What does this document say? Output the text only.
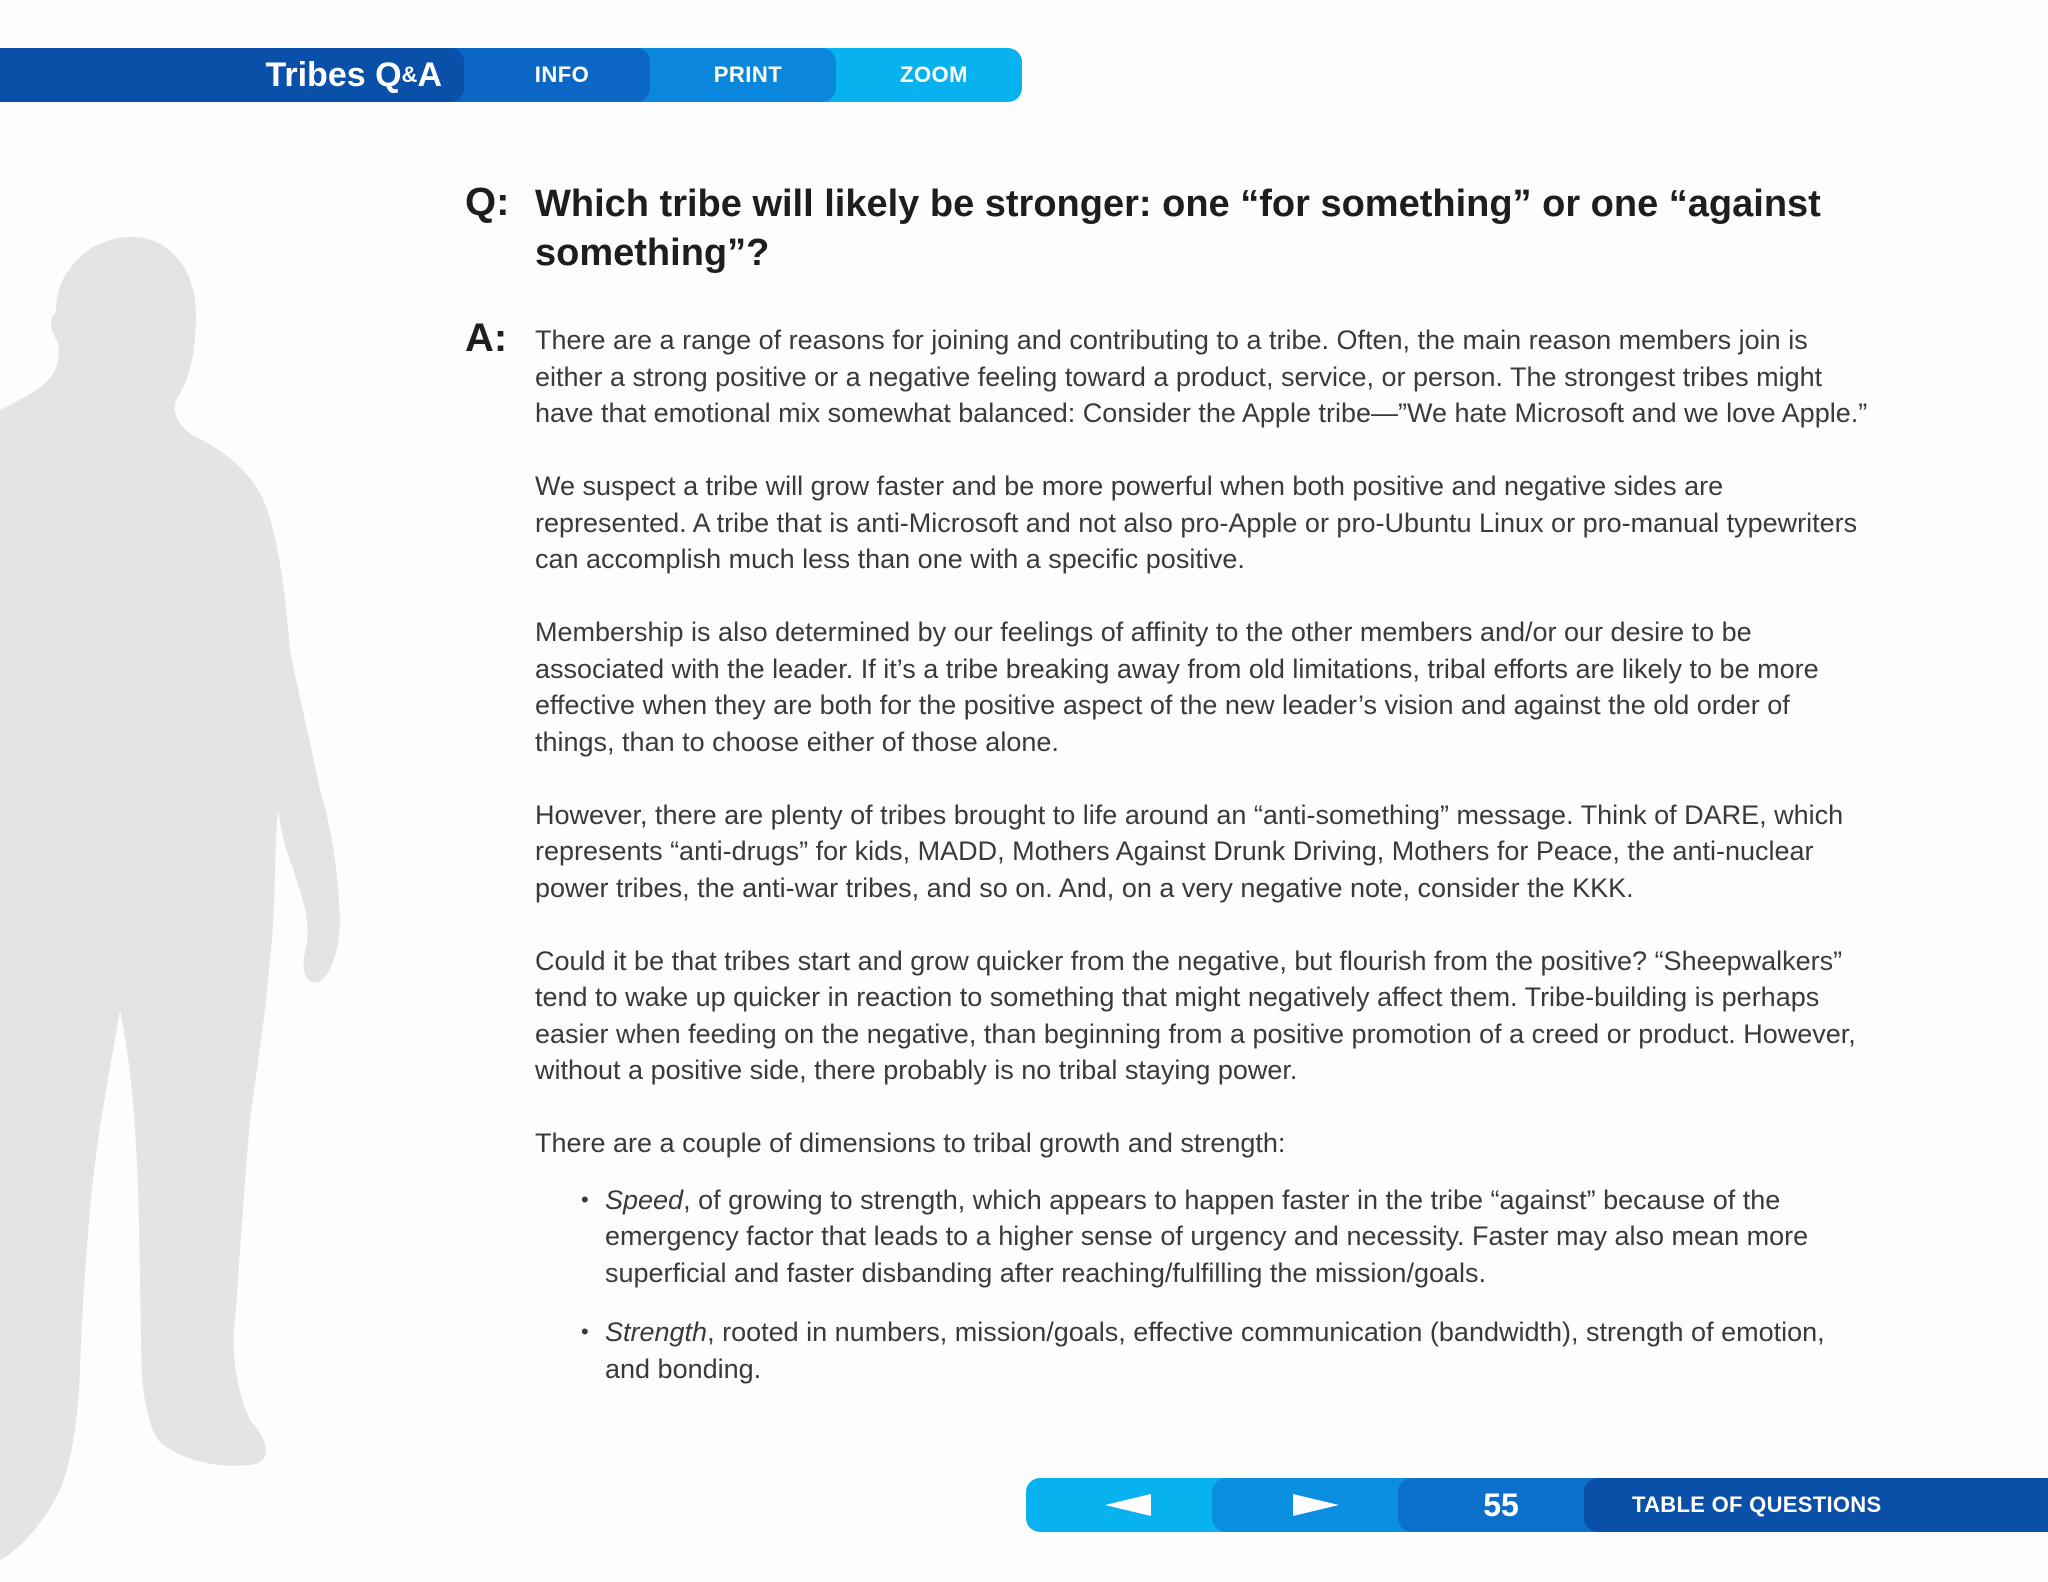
Tribes Q & A	INFO	PRINT	ZOOM
Q: Which tribe will likely be stronger: one “for something” or one “against something”?
A: There are a range of reasons for joining and contributing to a tribe. Often, the main reason members join is either a strong positive or a negative feeling toward a product, service, or person. The strongest tribes might have that emotional mix somewhat balanced: Consider the Apple tribe—”We hate Microsoft and we love Apple.”

We suspect a tribe will grow faster and be more powerful when both positive and negative sides are represented. A tribe that is anti-Microsoft and not also pro-Apple or pro-Ubuntu Linux or pro-manual typewriters can accomplish much less than one with a specific positive.

Membership is also determined by our feelings of affinity to the other members and/or our desire to be associated with the leader. If it’s a tribe breaking away from old limitations, tribal efforts are likely to be more effective when they are both for the positive aspect of the new leader’s vision and against the old order of things, than to choose either of those alone.

However, there are plenty of tribes brought to life around an “anti-something” message. Think of DARE, which represents “anti-drugs” for kids, MADD, Mothers Against Drunk Driving, Mothers for Peace, the anti-nuclear power tribes, the anti-war tribes, and so on. And, on a very negative note, consider the KKK.

Could it be that tribes start and grow quicker from the negative, but flourish from the positive? “Sheepwalkers” tend to wake up quicker in reaction to something that might negatively affect them. Tribe-building is perhaps easier when feeding on the negative, than beginning from a positive promotion of a creed or product. However, without a positive side, there probably is no tribal staying power.

There are a couple of dimensions to tribal growth and strength:

• Speed, of growing to strength, which appears to happen faster in the tribe “against” because of the emergency factor that leads to a higher sense of urgency and necessity. Faster may also mean more superficial and faster disbanding after reaching/fulfilling the mission/goals.
• Strength, rooted in numbers, mission/goals, effective communication (bandwidth), strength of emotion, and bonding.
55	TABLE OF QUESTIONS
